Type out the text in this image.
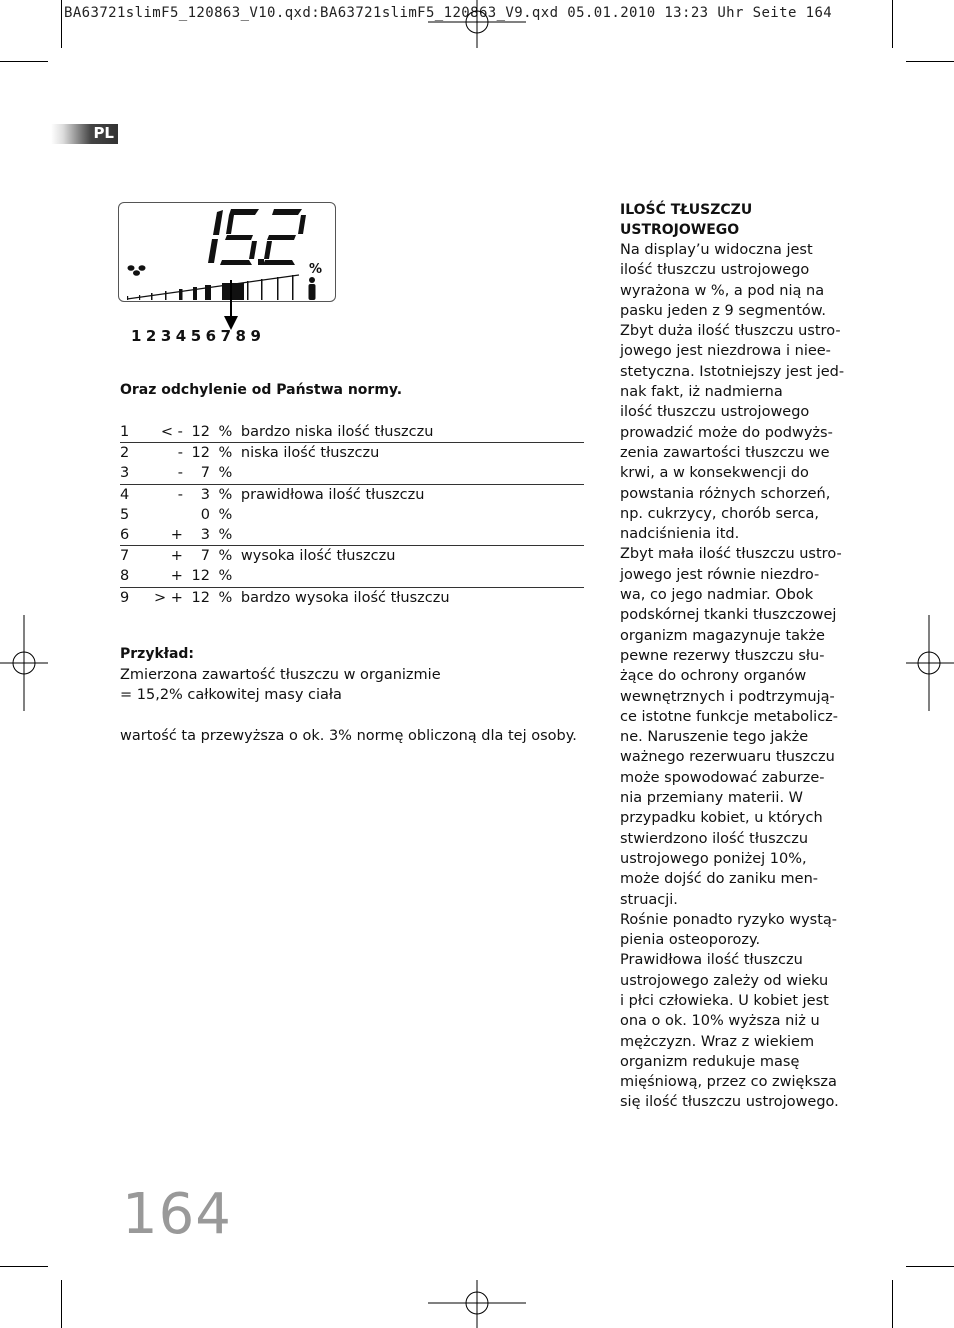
BA63721slimF5_120863_V10.qxd:BA63721slimF5_120863_V9.qxd 05.01.2010 13:23 Uhr Seite 164
PL
%
123456789
Oraz odchylenie od Państwa normy.
1	< -	12	%	bardzo niska ilość tłuszczu
2	-	12	%	niska ilość tłuszczu
3	-	7	%	
4	-	3	%	prawidłowa ilość tłuszczu
5		0	%	
6	+	3	%	
7	+	7	%	wysoka ilość tłuszczu
8	+	12	%	
9	> +	12	%	bardzo wysoka ilość tłuszczu
Przykład:
Zmierzona zawartość tłuszczu w organizmie
= 15,2% całkowitej masy ciała
wartość ta przewyższa o ok. 3% normę obliczoną dla tej osoby.
ILOŚĆ TŁUSZCZU
USTROJOWEGO
Na display’u widoczna jest
ilość tłuszczu ustrojowego
wyrażona w %, a pod nią na
pasku jeden z 9 segmentów.
Zbyt duża ilość tłuszczu ustro-
jowego jest niezdrowa i niee-
stetyczna. Istotniejszy jest jed-
nak fakt, iż nadmierna
ilość tłuszczu ustrojowego
prowadzić może do podwyżs-
zenia zawartości tłuszczu we
krwi, a w konsekwencji do
powstania różnych schorzeń,
np. cukrzycy, chorób serca,
nadciśnienia itd.
Zbyt mała ilość tłuszczu ustro-
jowego jest równie niezdro-
wa, co jego nadmiar. Obok
podskórnej tkanki tłuszczowej
organizm magazynuje także
pewne rezerwy tłuszczu słu-
żące do ochrony organów
wewnętrznych i podtrzymują-
ce istotne funkcje metabolicz-
ne. Naruszenie tego jakże
ważnego rezerwuaru tłuszczu
może spowodować zaburze-
nia przemiany materii. W
przypadku kobiet, u których
stwierdzono ilość tłuszczu
ustrojowego poniżej 10%,
może dojść do zaniku men-
struacji.
Rośnie ponadto ryzyko wystą-
pienia osteoporozy.
Prawidłowa ilość tłuszczu
ustrojowego zależy od wieku
i płci człowieka. U kobiet jest
ona o ok. 10% wyższa niż u
mężczyzn. Wraz z wiekiem
organizm redukuje masę
mięśniową, przez co zwiększa
się ilość tłuszczu ustrojowego.
164
